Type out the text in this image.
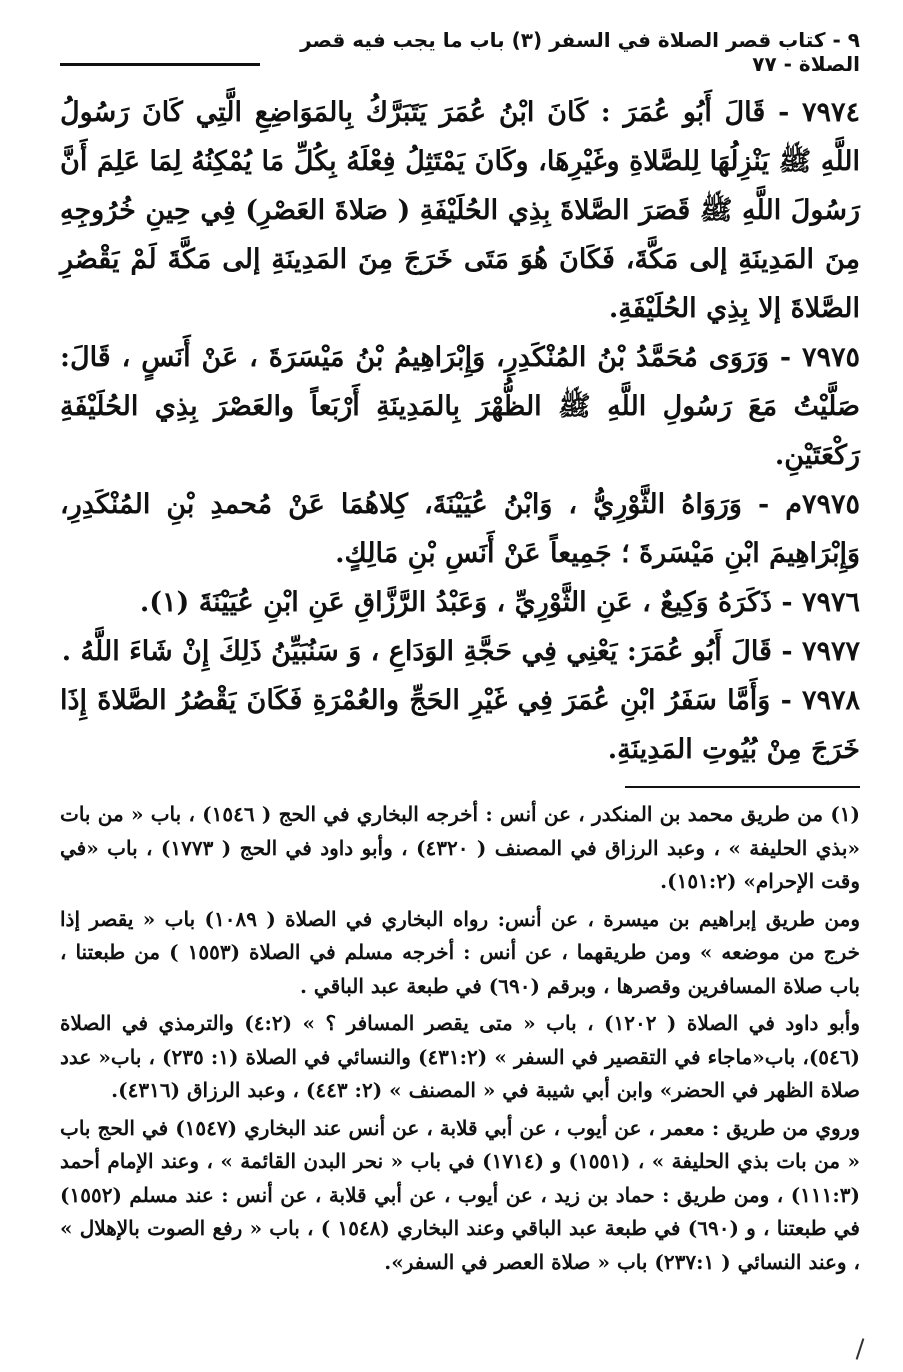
٩ - كتاب قصر الصلاة في السفر (٣) باب ما يجب فيه قصر الصلاة - ٧٧

٧٩٧٤ - قَالَ أَبُو عُمَرَ : كَانَ ابْنُ عُمَرَ يَتَبَرَّكُ بِالمَوَاضِعِ الَّتِي كَانَ رَسُولُ اللَّهِ ﷺ يَنْزِلُهَا لِلصَّلاةِ وغَيْرِهَا، وكَانَ يَمْتَثِلُ فِعْلَهُ بِكُلِّ مَا يُمْكِنُهُ لِمَا عَلِمَ أَنَّ رَسُولَ اللَّهِ ﷺ قَصَرَ الصَّلاةَ بِذِي الحُلَيْفَةِ ( صَلاةَ العَصْرِ) فِي حِينِ خُرُوجِهِ مِنَ المَدِينَةِ إلى مَكَّةَ، فَكَانَ هُوَ مَتَى خَرَجَ مِنَ المَدِينَةِ إلى مَكَّةَ لَمْ يَقْصُرِ الصَّلاةَ إلا بِذِي الحُلَيْفَةِ.

٧٩٧٥ - وَرَوَى مُحَمَّدُ بْنُ المُنْكَدِرِ، وَإِبْرَاهِيمُ بْنُ مَيْسَرَةَ ، عَنْ أَنَسٍ ، قَالَ: صَلَّيْتُ مَعَ رَسُولِ اللَّهِ ﷺ الظُّهْرَ بِالمَدِينَةِ أَرْبَعاً والعَصْرَ بِذِي الحُلَيْفَةِ رَكْعَتَيْنِ.

٧٩٧٥م - وَرَوَاهُ الثَّوْرِيُّ ، وَابْنُ عُيَيْنَةَ، كِلاهُمَا عَنْ مُحمدِ بْنِ المُنْكَدِرِ، وَإِبْرَاهِيمَ ابْنِ مَيْسَرةَ ؛ جَمِيعاً عَنْ أَنَسِ بْنِ مَالِكٍ.

٧٩٧٦ - ذَكَرَهُ وَكِيعٌ ، عَنِ الثَّوْرِيِّ ، وَعَبْدُ الرَّزَّاقِ عَنِ ابْنِ عُيَيْنَةَ (١).

٧٩٧٧ - قَالَ أَبُو عُمَرَ: يَعْنِي فِي حَجَّةِ الوَدَاعِ ، وَ سَنُبَيِّنُ ذَلِكَ إِنْ شَاءَ اللَّهُ .

٧٩٧٨ - وَأَمَّا سَفَرُ ابْنِ عُمَرَ فِي غَيْرِ الحَجِّ والعُمْرَةِ فَكَانَ يَقْصُرُ الصَّلاةَ إِذَا خَرَجَ مِنْ بُيُوتِ المَدِينَةِ.

(١) من طريق محمد بن المنكدر ، عن أنس : أخرجه البخاري في الحج ( ١٥٤٦) ، باب « من بات «بذي الحليفة » ، وعبد الرزاق في المصنف ( ٤٣٢٠) ، وأبو داود في الحج ( ١٧٧٣) ، باب «في وقت الإحرام» (١٥١:٢).

ومن طريق إبراهيم بن ميسرة ، عن أنس: رواه البخاري في الصلاة ( ١٠٨٩) باب « يقصر إذا خرج من موضعه » ومن طريقهما ، عن أنس : أخرجه مسلم في الصلاة (١٥٥٣ ) من طبعتنا ، باب صلاة المسافرين وقصرها ، وبرقم (٦٩٠) في طبعة عبد الباقي .

وأبو داود في الصلاة ( ١٢٠٢) ، باب « متى يقصر المسافر ؟ » (٤:٢) والترمذي في الصلاة (٥٤٦)، باب«ماجاء في التقصير في السفر » (٤٣١:٢) والنسائي في الصلاة (١: ٢٣٥) ، باب« عدد صلاة الظهر في الحضر» وابن أبي شيبة في « المصنف » (٢: ٤٤٣) ، وعبد الرزاق (٤٣١٦).

وروي من طريق : معمر ، عن أيوب ، عن أبي قلابة ، عن أنس عند البخاري (١٥٤٧) في الحج باب « من بات بذي الحليفة » ، (١٥٥١) و (١٧١٤) في باب « نحر البدن القائمة » ، وعند الإمام أحمد (١١١:٣) ، ومن طريق : حماد بن زيد ، عن أيوب ، عن أبي قلابة ، عن أنس : عند مسلم (١٥٥٢) في طبعتنا ، و (٦٩٠) في طبعة عبد الباقي وعند البخاري (١٥٤٨ ) ، باب « رفع الصوت بالإهلال » ، وعند النسائي ( ٢٣٧:١) باب « صلاة العصر في السفر».
